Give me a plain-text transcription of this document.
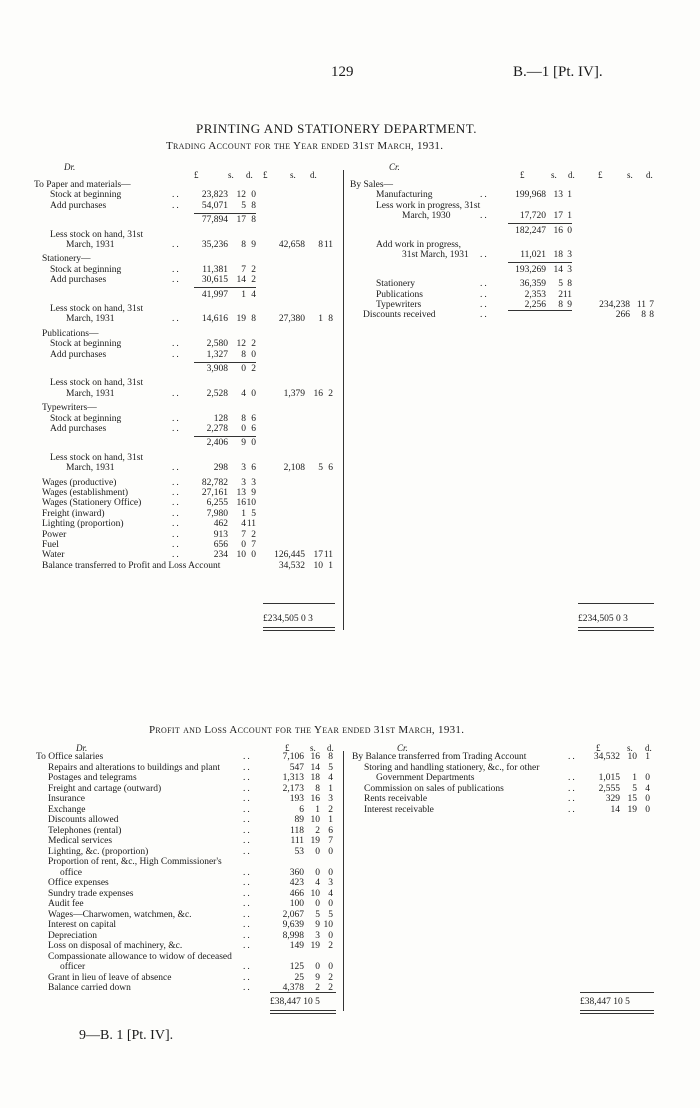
129	B.—1 [Pt. IV].
PRINTING AND STATIONERY DEPARTMENT.
Trading Account for the Year ended 31st March, 1931.
Dr.	Cr.
£	s. d. £	s. d.	£	s. d.	£	s. d.
To Paper and materials—
Stock at beginning	.. 23,823 12 0
Add purchases	.. 54,071 5 8
77,894 17 8
Less stock on hand, 31st
March, 1931	.. 35,236 8 9 42,658 8 11
Stationery—
Stock at beginning	.. 11,381 7 2
Add purchases	.. 30,615 14 2
41,997 1 4
Less stock on hand, 31st
March, 1931	.. 14,616 19 8 27,380 1 8
Publications—
Stock at beginning	..	2,580 12 2
Add purchases	..	1,327 8 0
3,908 0 2
Less stock on hand, 31st
March, 1931	..	2,528 4 0	1,379 16 2
Typewriters—
Stock at beginning	..	128 8 6
Add purchases	..	2,278 0 6
2,406 9 0
Less stock on hand, 31st
March, 1931	..	298 3 6	2,108 5 6
Wages (productive)	.. 82,782 3 3
Wages (establishment)	.. 27,161 13 9
Wages (Stationery Office)	..	6,255 16 10
Freight (inward)	..	7,980 1 5
Lighting (proportion)	..	462 4 11
Power	..	913 7 2
Fuel	..	656 0 7
Water	..	234 10 0 126,445 17 11
Balance transferred to Profit and Loss Account	34,532 10 1
By Sales—
Manufacturing	..	199,968 13 1
Less work in progress, 31st
March, 1930	..	17,720 17 1
182,247 16 0
Add work in progress,
31st March, 1931 ..	11,021 18 3
193,269 14 3
Stationery	..	36,359 5 8
Publications	..	2,353 2 11
Typewriters	..	2,256 8 9	234,238 11 7
Discounts received	..	266 8 8
£234,505 0 3	£234,505 0 3
£ s. d.	£	s. d.
To Office salaries	..	7,106 16 8
Repairs and alterations to buildings and plant ..	547 14 5
Postages and telegrams	..	1,313 18 4
Freight and cartage (outward)	..	2,173 8 1
Insurance	..	193 16 3
Exchange	..	6 1 2
Discounts allowed	..	89 10 1
Telephones (rental)	..	118 2 6
Medical services	..	111 19 7
Lighting, &c. (proportion)	..	53 0 0
Proportion of rent, &c., High Commissioner's
office	..	360 0 0
Office expenses	..	423 4 3
Sundry trade expenses	..	466 10 4
Audit fee	..	100 0 0
Wages—Charwomen, watchmen, &c.	..	2,067 5 5
Interest on capital	..	9,639 9 10
Depreciation	..	8,998 3 0
Loss on disposal of machinery, &c.	..	149 19 2
Compassionate allowance to widow of deceased
officer	..	125 0 0
Grant in lieu of leave of absence	..	25 9 2
Balance carried down	..	4,378 2 2
By Balance transferred from Trading Account	.. 34,532 10 1
Storing and handling stationery, &c., for other
Government Departments	.. 1,015 1 0
Commission on sales of publications	.. 2,555 5 4
Rents receivable	..	329 15 0
Interest receivable	..	14 19 0
£38,447 10 5	£38,447 10 5
Profit and Loss Account for the Year ended 31st March, 1931.
Dr.	Cr.
9—B. 1 [Pt. IV].
